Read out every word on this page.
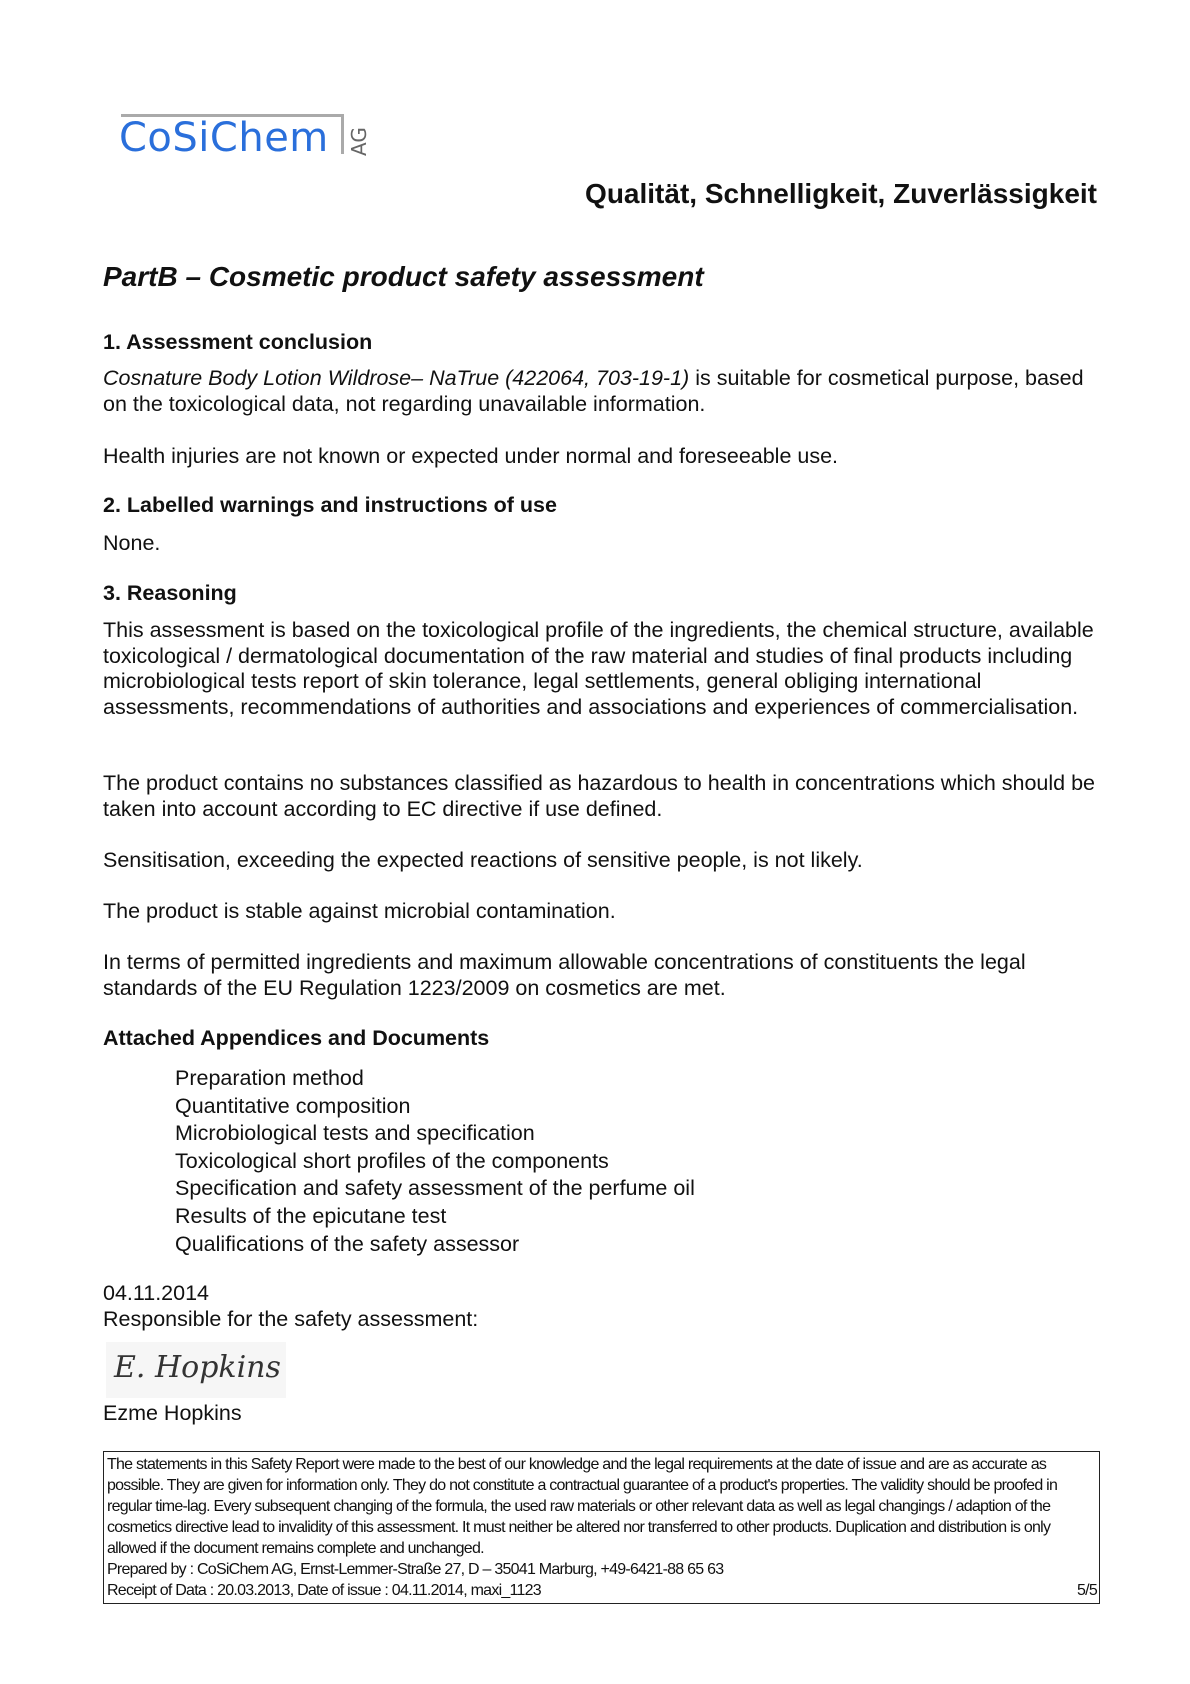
CoSiChem AG
Qualität, Schnelligkeit, Zuverlässigkeit
PartB – Cosmetic product safety assessment
1. Assessment conclusion
Cosnature Body Lotion Wildrose– NaTrue (422064, 703-19-1) is suitable for cosmetical purpose, based on the toxicological data, not regarding unavailable information.
Health injuries are not known or expected under normal and foreseeable use.
2. Labelled warnings and instructions of use
None.
3. Reasoning
This assessment is based on the toxicological profile of the ingredients, the chemical structure, available toxicological / dermatological documentation of the raw material and studies of final products including microbiological tests report of skin tolerance, legal settlements, general obliging international assessments, recommendations of authorities and associations and experiences of commercialisation.
The product contains no substances classified as hazardous to health in concentrations which should be taken into account according to EC directive if use defined.
Sensitisation, exceeding the expected reactions of sensitive people, is not likely.
The product is stable against microbial contamination.
In terms of permitted ingredients and maximum allowable concentrations of constituents the legal standards of the EU Regulation 1223/2009 on cosmetics are met.
Attached Appendices and Documents
Preparation method
Quantitative composition
Microbiological tests and specification
Toxicological short profiles of the components
Specification and safety assessment of the perfume oil
Results of the epicutane test
Qualifications of the safety assessor
04.11.2014
Responsible for the safety assessment:
E. Hopkins
Ezme Hopkins
The statements in this Safety Report were made to the best of our knowledge and the legal requirements at the date of issue and are as accurate as possible. They are given for information only. They do not constitute a contractual guarantee of a product's properties. The validity should be proofed in regular time-lag. Every subsequent changing of the formula, the used raw materials or other relevant data as well as legal changings / adaption of the cosmetics directive lead to invalidity of this assessment. It must neither be altered nor transferred to other products. Duplication and distribution is only allowed if the document remains complete and unchanged.
Prepared by : CoSiChem AG, Ernst-Lemmer-Straße 27, D – 35041 Marburg, +49-6421-88 65 63
Receipt of Data : 20.03.2013, Date of issue : 04.11.2014, maxi_1123	5/5
